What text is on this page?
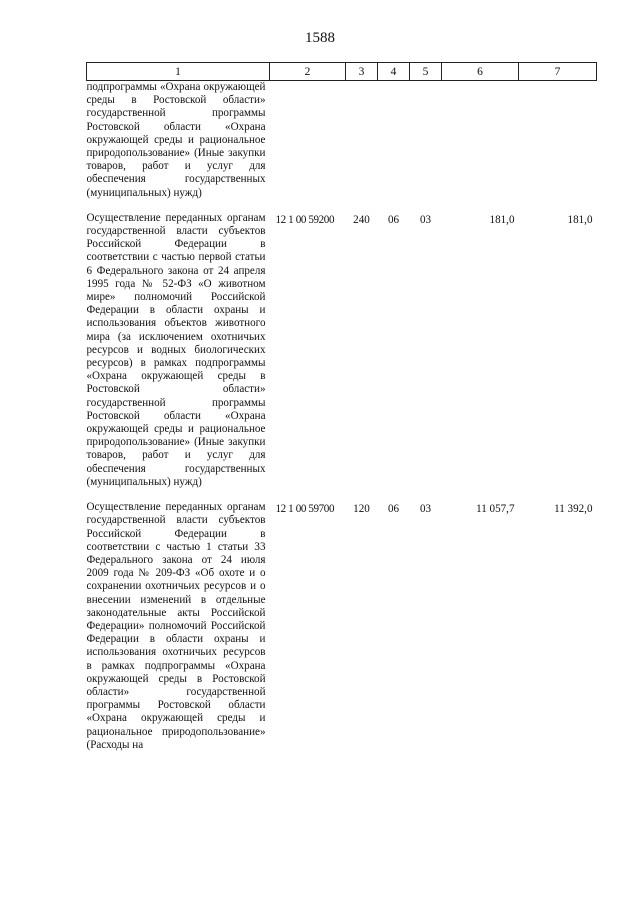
1588
1	2	3	4	5	6	7
подпрограммы «Охрана окружающей среды в Ростовской области» государственной программы Ростовской области «Охрана окружающей среды и рациональное природопользование» (Иные закупки товаров, работ и услуг для обеспечения государственных (муниципальных) нужд)						

Осуществление переданных органам государственной власти субъектов Российской Федерации в соответствии с частью первой статьи 6 Федерального закона от 24 апреля 1995 года № 52-ФЗ «О животном мире» полномочий Российской Федерации в области охраны и использования объектов животного мира (за исключением охотничьих ресурсов и водных биологических ресурсов) в рамках подпрограммы «Охрана окружающей среды в Ростовской области» государственной программы Ростовской области «Охрана окружающей среды и рациональное природопользование» (Иные закупки товаров, работ и услуг для обеспечения государственных (муниципальных) нужд)	12 1 00 59200	240	06	03	181,0	181,0

Осуществление переданных органам государственной власти субъектов Российской Федерации в соответствии с частью 1 статьи 33 Федерального закона от 24 июля 2009 года № 209-ФЗ «Об охоте и о сохранении охотничьих ресурсов и о внесении изменений в отдельные законодательные акты Российской Федерации» полномочий Российской Федерации в области охраны и использования охотничьих ресурсов в рамках подпрограммы «Охрана окружающей среды в Ростовской области» государственной программы Ростовской области «Охрана окружающей среды и рациональное природопользование» (Расходы на	12 1 00 59700	120	06	03	11 057,7	11 392,0
